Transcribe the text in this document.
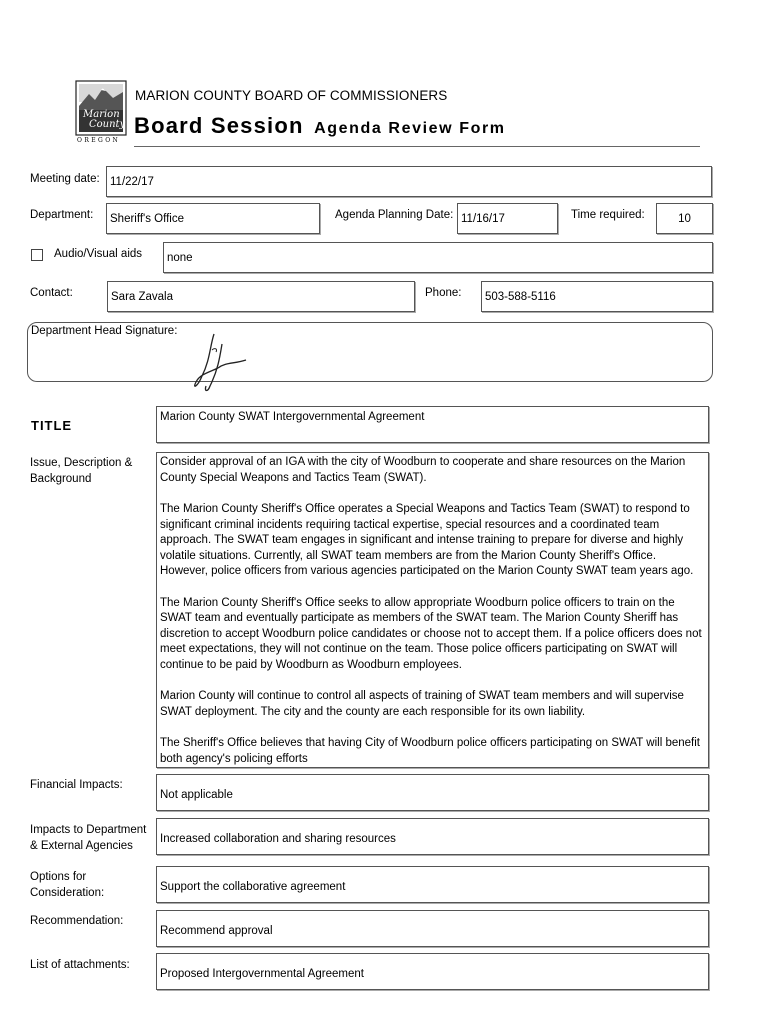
Marion
County
OREGON
MARION COUNTY BOARD OF COMMISSIONERS
Board Session Agenda Review Form
Meeting date: 11/22/17
Department:	Sheriff's Office	Agenda Planning Date: 11/16/17	Time required:	10
Audio/Visual aids	none
Contact:	Sara Zavala	Phone:	503-588-5116
Department Head Signature:
TITLE
Marion County SWAT Intergovernmental Agreement
Issue, Description &
Background

Consider approval of an IGA with the city of Woodburn to cooperate and share resources on the Marion County Special Weapons and Tactics Team (SWAT).

The Marion County Sheriff's Office operates a Special Weapons and Tactics Team (SWAT) to respond to significant criminal incidents requiring tactical expertise, special resources and a coordinated team approach. The SWAT team engages in significant and intense training to prepare for diverse and highly volatile situations. Currently, all SWAT team members are from the Marion County Sheriff's Office. However, police officers from various agencies participated on the Marion County SWAT team years ago.

The Marion County Sheriff's Office seeks to allow appropriate Woodburn police officers to train on the SWAT team and eventually participate as members of the SWAT team. The Marion County Sheriff has discretion to accept Woodburn police candidates or choose not to accept them. If a police officers does not meet expectations, they will not continue on the team. Those police officers participating on SWAT will continue to be paid by Woodburn as Woodburn employees.

Marion County will continue to control all aspects of training of SWAT team members and will supervise SWAT deployment. The city and the county are each responsible for its own liability.

The Sheriff's Office believes that having City of Woodburn police officers participating on SWAT will benefit both agency's policing efforts

Financial Impacts:
Not applicable
Impacts to Department
& External Agencies
Increased collaboration and sharing resources
Options for
Consideration:	Support the collaborative agreement
Recommendation:
Recommend approval
List of attachments:
Proposed Intergovernmental Agreement
